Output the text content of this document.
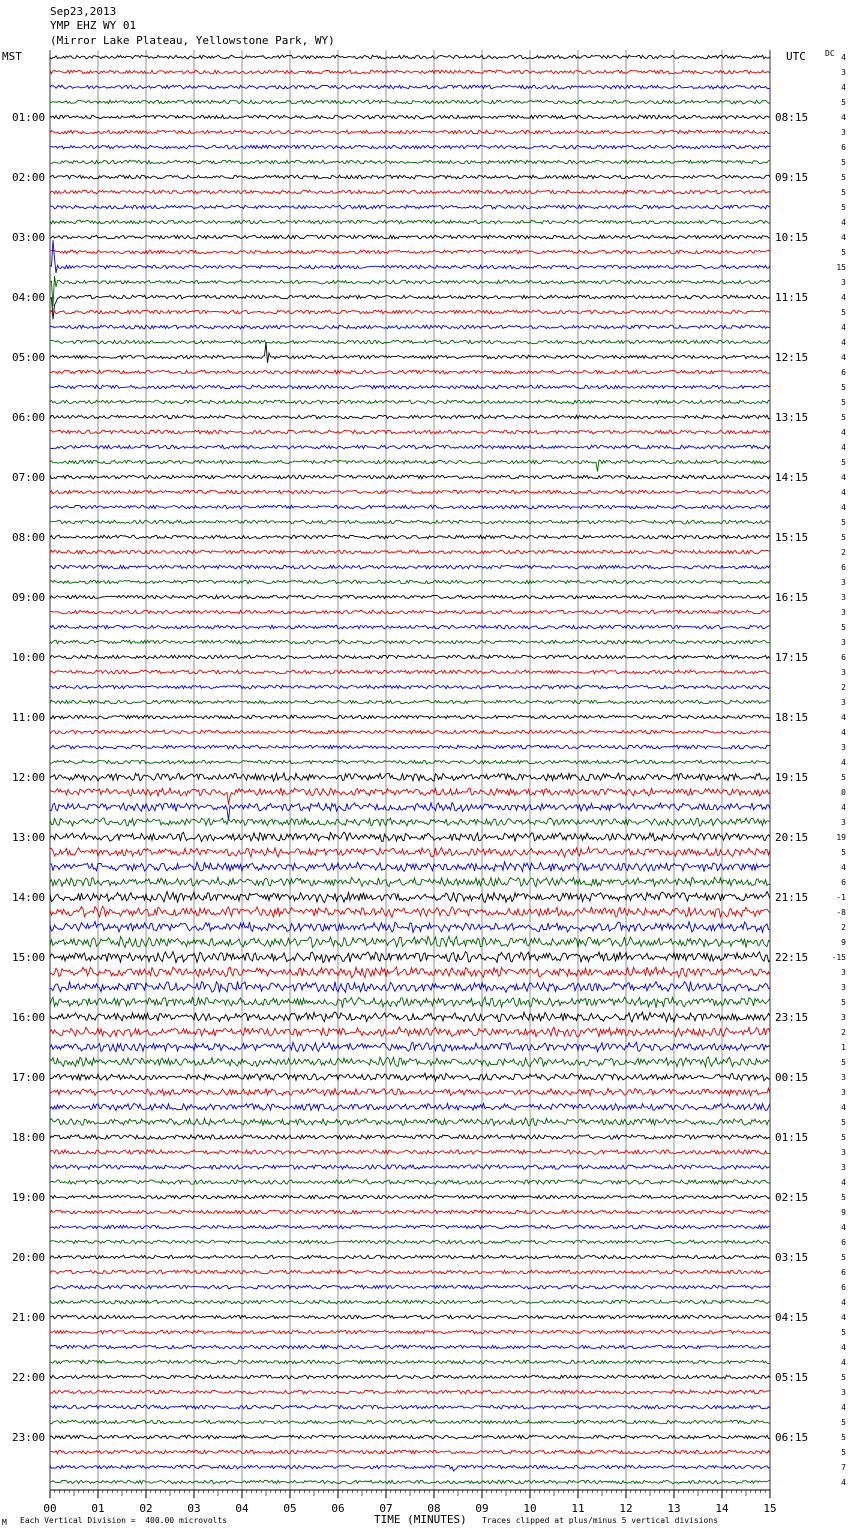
00	01	02	03	04	05	06	07	08	09	10	11	12	13	14	15
Sep23,2013
YMP EHZ WY 01
(Mirror Lake Plateau, Yellowstone Park, WY)
MST	UTC DC
01:00
02:00
03:00
04:00
05:00
06:00
07:00
08:00
09:00
10:00
11:00
12:00
13:00
14:00
15:00
16:00
17:00
18:00
19:00
20:00
21:00
22:00
23:00
08:15
09:15
10:15
11:15
12:15
13:15
14:15
15:15
16:15
17:15
18:15
19:15
20:15
21:15
22:15
23:15
00:15
01:15
02:15
03:15
04:15
05:15
06:15
4
3
4
5
4
3
6
5
5
5
5
4
4
5
15
3
4
5
4
4
4
6
5
5
5
4
4
5
4
4
4
5
5
2
6
3
3
3
5
3
6
3
2
3
4
4
3
4
5
0
4
3
19
5
4
6
-1
-8
2
9
-15
3
3
5
3
2
1
5
3
3
4
5
5
3
3
4
5
9
4
6
5
6
6
4
4
5
4
4
5
3
4
5
5
5
7
4
M Each Vertical Division =  400.00 microvolts	TIME (MINUTES) Traces clipped at plus/minus 5 vertical divisions
